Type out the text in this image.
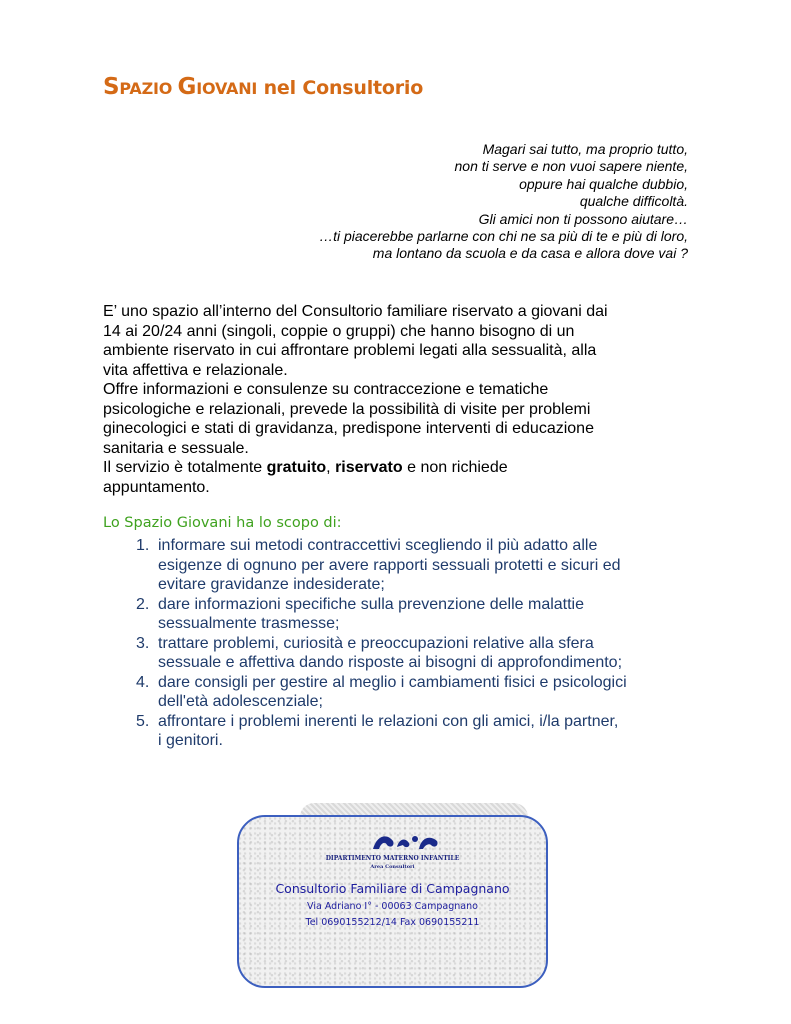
SPAZIO GIOVANI nel Consultorio
Magari sai tutto, ma proprio tutto,
non ti serve e non vuoi sapere niente,
oppure hai qualche dubbio,
qualche difficoltà.
Gli amici non ti possono aiutare…
…ti piacerebbe parlarne con chi ne sa più di te e più di loro,
ma lontano da scuola e da casa e allora dove vai ?
E’ uno spazio all’interno del Consultorio familiare riservato a giovani dai
14 ai 20/24 anni (singoli, coppie o gruppi) che hanno bisogno di un
ambiente riservato in cui affrontare problemi legati alla sessualità, alla
vita affettiva e relazionale.
Offre informazioni e consulenze su contraccezione e tematiche
psicologiche e relazionali, prevede la possibilità di visite per problemi
ginecologici e stati di gravidanza, predispone interventi di educazione
sanitaria e sessuale.
Il servizio è totalmente gratuito, riservato e non richiede
appuntamento.
Lo Spazio Giovani ha lo scopo di:
1. informare sui metodi contraccettivi scegliendo il più adatto alle
esigenze di ognuno per avere rapporti sessuali protetti e sicuri ed
evitare gravidanze indesiderate;
2. dare informazioni specifiche sulla prevenzione delle malattie
sessualmente trasmesse;
3. trattare problemi, curiosità e preoccupazioni relative alla sfera
sessuale e affettiva dando risposte ai bisogni di approfondimento;
4. dare consigli per gestire al meglio i cambiamenti fisici e psicologici
dell'età adolescenziale;
5. affrontare i problemi inerenti le relazioni con gli amici, i/la partner,
i genitori.
DIPARTIMENTO MATERNO INFANTILE
Area Consultori
Consultorio Familiare di Campagnano
Via Adriano I° - 00063 Campagnano
Tel 0690155212/14 Fax 0690155211
